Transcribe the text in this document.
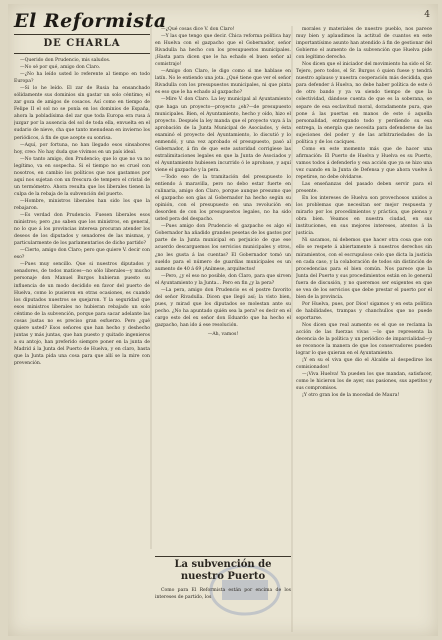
El Reformista	4
DE CHARLA

—Querido don Prudencio, mis saludos.

—No sé por qué, amigo don Claro.

—¿No ha leído usted lo referente al tiempo en todo Europa?

—Sí lo he leído. El zar de Rusia ha ensanchado sólidamente sus dominios sin gastar un solo céntimo; el zar goza de amigos de cosacos. Así como en tiempo de Felipe II el sol no se ponía en los dominios de España, ahora la pobladísima del zar que toda Europa era rusa á juzgar por la ausencia del sol de toda ella, envuelta en el sudario de nieve, cha que tanto menudean en invierno los periódicos, á fin de que acepte su sonrisa.

—Aquí, por fortuna, no han llegado esos sinsabores hoy, creo: No hay duda que vivimos en un país ideal.

—No tanto amigo, don Prudencio; que lo que no va no legítimo, va en sospecha. Si el tiempo no es cruel con nosotros, en cambio los políticos que nos gastamos por aquí nos sujetan con un frescura de tempero el cristal de un termómetro. Ahora resulta que los liberales tienen la culpa de la rebaja de la subvención del puerto.

—Hombre, ministros liberales han sido los que la rebajaron.

—Es verdad don Prudencio. Fuesen liberales esos ministros; pero ¿no saben que los ministros, en general, no lo que á los provincias interesa procuran atender los deseos de los diputados y senadores de las mismas, y particularmente de los parlamentarios de dicho partido?

—Cierto, amigo don Claro; pero que quiere V. decir con eso?

—Pues muy sencillo. Que si nuestros diputados y senadores, de todos matices—no sólo liberales—y mucho personaje don Manuel Burgos hubieran puesto su influencia de un modo decidido en favor del puerto de Huelva, como lo pusieron en otras ocasiones, es cuando los diputados nuestros se quejaron. Y la seguridad que esos ministros liberales no hubieran rebajado un solo céntimo de la subvención, porque para sacar adelante las cosas justas no es preciso gran esfuerzo. Pero ¿qué quiere usted? Esos señores que han hecho y deshecho juntas y más juntas, que han puesto y quitado ingenieros a su antojo, han preferido siempre poner en la junta de Madrid á la Junta del Puerto de Huelva, y en claro, basta que la Junta pida una cosa para que allí se la mire con prevención.

—¿Qué cosas dice V. don Claro!

—Y las que tengo que decir. Chica reforma política hay en Huelva con el gazpacho que el Gobernador, señor Rivadulla ha hecho con los presupuestos municipales. ¡Hasta para dicen que le ha echado el buen señor al comistrajo!

—Amigo don Claro, le digo como si me hablase en latín. No le entiendo una jota. ¿Qué tiene que ver el señor Rivadulla con los presupuestos municipales, ni que pinta es eso que le ha echado al gazpacho?

—Mire V. don Claro. La ley municipal al Ayuntamiento que haga un proyecto—proyecto ¿eh?—de presupuesto municipales. Bien, el Ayuntamiento, hecho y oído, hizo el proyecto. Después la ley manda que el proyecto vaya á la aprobación de la Junta Municipal de Asociados, y ésta examinó el proyecto del Ayuntamiento, lo discutió y lo enmendó, y una vez aprobado el presupuesto, pasó al Gobernador, á fin de que este autoridad corrigiese las extralimitaciones legales en que la Junta de Asociados y el Ayuntamiento hubiesen incurrido ó le aprobase, y aquí viene el gazpacho y la pera.

—Todo eso de la tramitación del presupuesto lo entiendo á maravilla, pero no debo estar fuerte en culinaria, amigo don Claro, porque aunque presumo que el gazpacho son gías al Gobernador ha hecho según su opinión, con el presupuesto en una revolución en desorden de con los presupuestos legales, no ha sido usted pera del despacho.

—Pues amigo don Prudencio el gazpacho es algo el Gobernador ha añadido grandes pesetas de los gastos por parte de la Junta municipal en perjuicio de que ese acuerdo descarguemos los servicios municipales y otros, ¿no les gusta á las cuentas? El Gobernador tomó un sueldo para el número de guardias municipales es un aumento de 40 á 69 ¡Anímese, arquitectos!

—Pero, ¿y el eso no posible, don Claro, para que sirven el Ayuntamiento y la Junta... Pero en fin ¿y la pera?

—La pera, amigo don Prudencio es el postre favorito del señor Rivadulla. Dicen que llegó así; la visto bien, pues, y mirad que los diputados se molestan ante su pecho. ¿No ha apuntado quién sea la pera? es decir en el cargo esto del ex señor don Eduardo que ha hecho el gazpacho, han ido á ese resolución.

—Ah, vamos!

La subvención de nuestro Puerto

Como para El Reformista están por encima de los intereses de partido, los

morales y materiales de nuestro pueblo, nos parece muy bien y aplaudimos la actitud de cuantos en este importantísimo asunto han atendido á fin de gestionar del Gobierno el aumento de la subvención que Huelva pide con legítimo derecho.

Nos dicen que el iniciador del movimiento ha sido el Sr. Tejero, pero todos, el Sr. Burgos ó quien fuese y tendrá nuestro aplauso y nuestra cooperación más decidida, que para defender á Huelva, no debe haber política de este ó de otro bando y ya va siendo tiempo de que la colectividad, dándose cuenta de que es la soberana, se separe de esa esclavitud moral, doradamente pura, que pone á las puertas en manos de este ó aquella personalidad, entregando todo y perdiendo su esa entrega, la energía que necesita para defenderse de las sujeciones del poder y de las arbitrariedades de la política y de los caciques.

Como en este momento más que de hacer una afirmación: El Puerto de Huelva y Huelva es su Puerto, vamos todos á defenderlo y esa acción que ya se hizo una vez cuando en la Junta de Defensa y que ahora vuelve á repetirse, no debe olvidarse.

Las enseñanzas del pasado deben servir para el presente.

En los intereses de Huelva son provechosos unidos a los problemas que necesitan ser mejor respuesta y mirarlo por los procedimientos y práctica, que piensa y obra bien. Veamos en nuestra ciudad, en sus instituciones, en sus mejores intereses, atentos á la justicia.

Ni sacamos, ni debemos que hacer otra cosa que con ello se respete á abiertamente á nuestros derechos sin miramientos, con el escrupuloso celo que dicta la justicia en cada caso, y la colaboración de todos sin distinción de procedencias para el bien común. Nos parece que la Junta del Puerto y sus procedimientos están en lo general fuera de discusión, y no queremos ser exigentes en que se vea de los servicios que debe prestar el puerto por el bien de la provincia.

Por Huelva, pues, por Dios! sigamos y en esta política de habilidades, trampas y chanchullos que no puede soportarse.

Nos dicen que real aumento es el que se reclama la acción de las fuerzas vivas —lo que representa la decencia de la política y un periódico de imparcialidad—y se reconoce la manera de que los conservadores pueden lograr lo que quieran en el Ayuntamiento.

¡Y en su el viva que dio el Alcalde al despedirse los comisionados!

—¡Viva Huelva! Ya pueden los que mandan, satisfacer, como le hicieron los de ayer, sus pasiones, sus apetitos y sus compromisos.

¡Y otro gran los de la mocedad de Maura!
